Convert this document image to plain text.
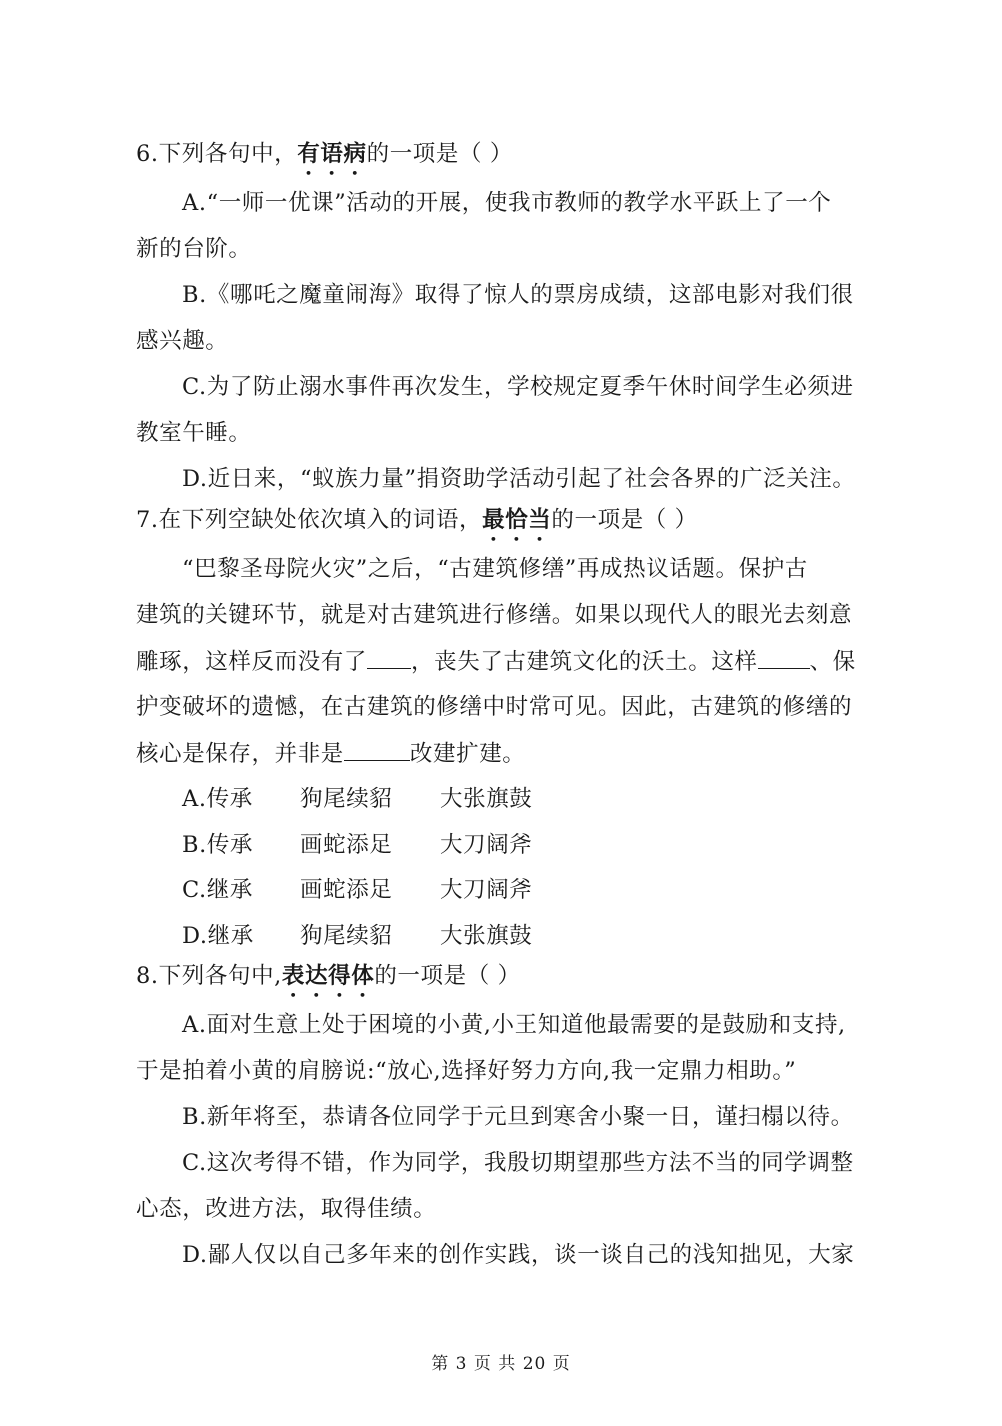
6.下列各句中，有语病的一项是（ ）
A.“一师一优课”活动的开展，使我市教师的教学水平跃上了一个
新的台阶。
B.《哪吒之魔童闹海》取得了惊人的票房成绩，这部电影对我们很
感兴趣。
C.为了防止溺水事件再次发生，学校规定夏季午休时间学生必须进
教室午睡。
D.近日来，“蚁族力量”捐资助学活动引起了社会各界的广泛关注。
7.在下列空缺处依次填入的词语，最恰当的一项是（ ）
“巴黎圣母院火灾”之后，“古建筑修缮”再成热议话题。保护古
建筑的关键环节，就是对古建筑进行修缮。如果以现代人的眼光去刻意
雕琢，这样反而没有了 ，丧失了古建筑文化的沃土。这样 、保
护变破坏的遗憾，在古建筑的修缮中时常可见。因此，古建筑的修缮的
核心是保存，并非是	改建扩建。
A.传承 狗尾续貂 大张旗鼓
B.传承 画蛇添足 大刀阔斧
C.继承 画蛇添足 大刀阔斧
D.继承 狗尾续貂 大张旗鼓
8.下列各句中,表达得体的一项是（ ）
A.面对生意上处于困境的小黄,小王知道他最需要的是鼓励和支持,
于是拍着小黄的肩膀说:“放心,选择好努力方向,我一定鼎力相助。”
B.新年将至，恭请各位同学于元旦到寒舍小聚一日，谨扫榻以待。
C.这次考得不错，作为同学，我殷切期望那些方法不当的同学调整
心态，改进方法，取得佳绩。
D.鄙人仅以自己多年来的创作实践，谈一谈自己的浅知拙见，大家
第 3 页 共 20 页
